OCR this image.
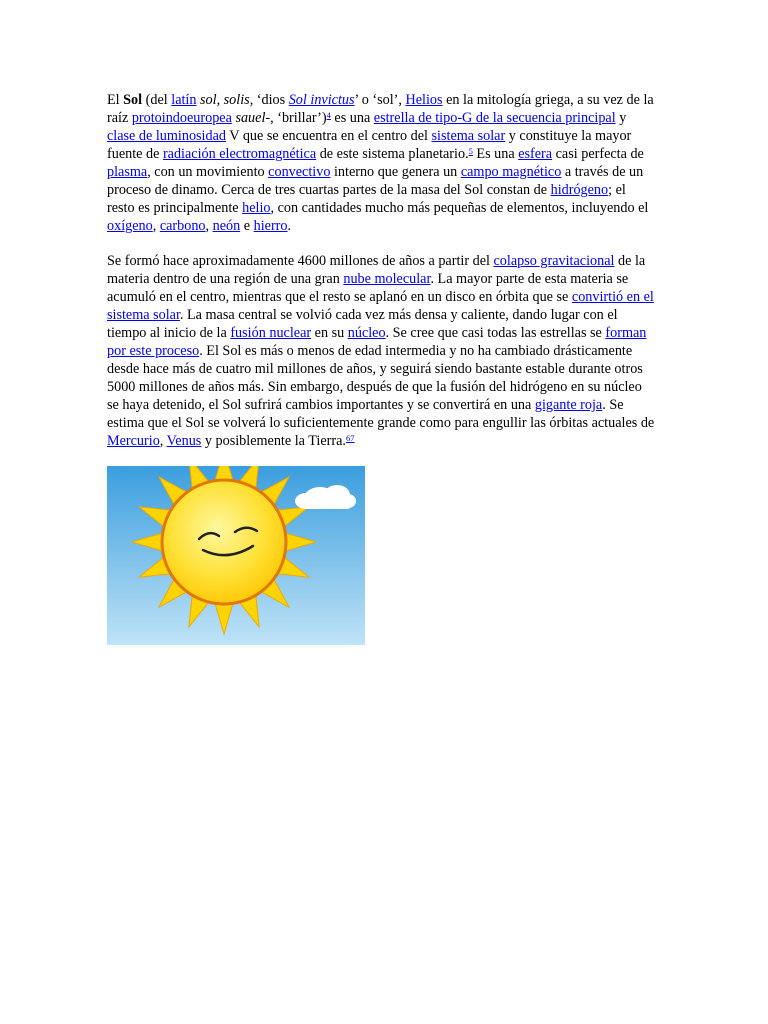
El Sol (del latín sol, solis, ‘dios Sol invictus’ o ‘sol’, Helios en la mitología griega, a su vez de la raíz protoindoeuropea sauel-, ‘brillar’)$^4$ es una estrella de tipo-G de la secuencia principal y clase de luminosidad V que se encuentra en el centro del sistema solar y constituye la mayor fuente de radiación electromagnética de este sistema planetario.$^5$ Es una esfera casi perfecta de plasma, con un movimiento convectivo interno que genera un campo magnético a través de un proceso de dinamo. Cerca de tres cuartas partes de la masa del Sol constan de hidrógeno; el resto es principalmente helio, con cantidades mucho más pequeñas de elementos, incluyendo el oxígeno, carbono, neón e hierro.

Se formó hace aproximadamente 4600 millones de años a partir del colapso gravitacional de la materia dentro de una región de una gran nube molecular. La mayor parte de esta materia se acumuló en el centro, mientras que el resto se aplanó en un disco en órbita que se convirtió en el sistema solar. La masa central se volvió cada vez más densa y caliente, dando lugar con el tiempo al inicio de la fusión nuclear en su núcleo. Se cree que casi todas las estrellas se forman por este proceso. El Sol es más o menos de edad intermedia y no ha cambiado drásticamente desde hace más de cuatro mil millones de años, y seguirá siendo bastante estable durante otros 5000 millones de años más. Sin embargo, después de que la fusión del hidrógeno en su núcleo se haya detenido, el Sol sufrirá cambios importantes y se convertirá en una gigante roja. Se estima que el Sol se volverá lo suficientemente grande como para engullir las órbitas actuales de Mercurio, Venus y posiblemente la Tierra.$^{67}$
